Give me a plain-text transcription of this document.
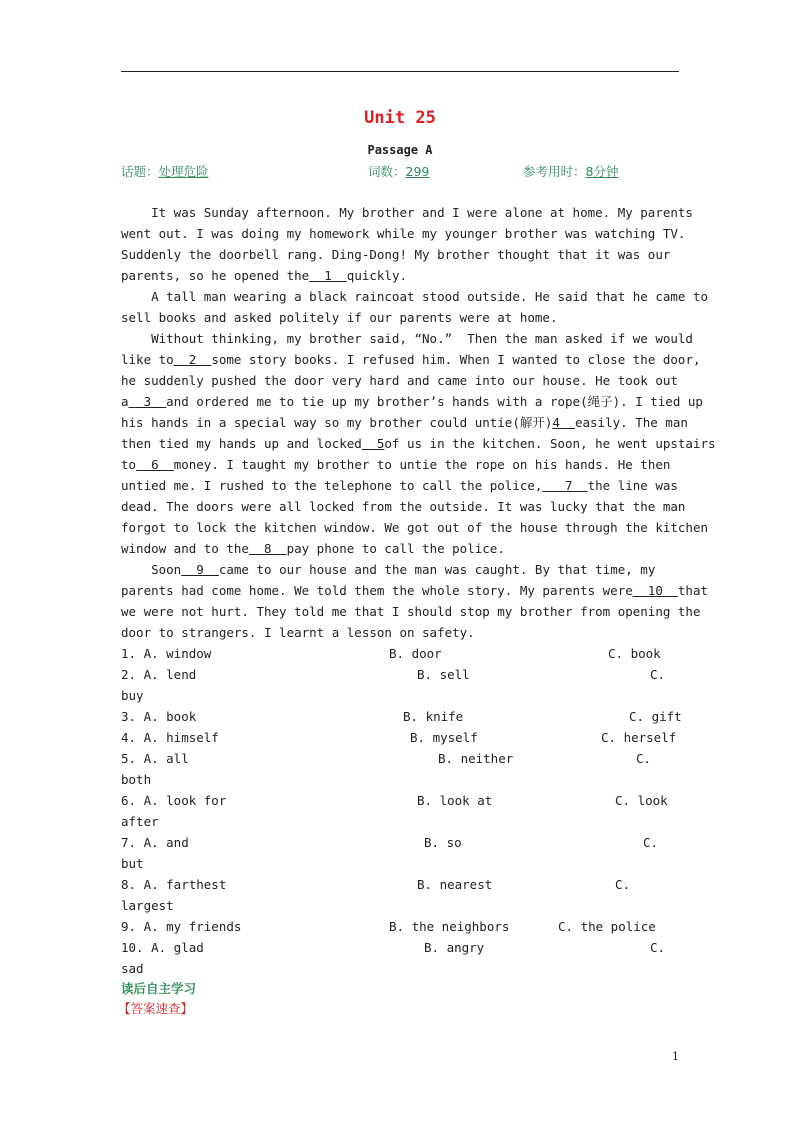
Unit 25
Passage A
话题：处理危险	词数：299	参考用时：8分钟
It was Sunday afternoon. My brother and I were alone at home. My parents
went out. I was doing my homework while my younger brother was watching TV.
Suddenly the doorbell rang. Ding-Dong! My brother thought that it was our
parents, so he opened the  1  quickly.
A tall man wearing a black raincoat stood outside. He said that he came to
sell books and asked politely if our parents were at home.
Without thinking, my brother said, “No.”  Then the man asked if we would
like to  2  some story books. I refused him. When I wanted to close the door,
he suddenly pushed the door very hard and came into our house. He took out
a  3  and ordered me to tie up my brother’s hands with a rope(绳子). I tied up
his hands in a special way so my brother could untie(解开)4  easily. The man
then tied my hands up and locked  5of us in the kitchen. Soon, he went upstairs
to  6  money. I taught my brother to untie the rope on his hands. He then
untied me. I rushed to the telephone to call the police,   7  the line was
dead. The doors were all locked from the outside. It was lucky that the man
forgot to lock the kitchen window. We got out of the house through the kitchen
window and to the  8  pay phone to call the police.
Soon  9  came to our house and the man was caught. By that time, my
parents had come home. We told them the whole story. My parents were  10  that
we were not hurt. They told me that I should stop my brother from opening the
door to strangers. I learnt a lesson on safety.
1. A. window	B. door	C. book
2. A. lend	B. sell	C.
buy
3. A. book	B. knife	C. gift
4. A. himself	B. myself	C. herself
5. A. all	B. neither	C.
both
6. A. look for	B. look at	C. look
after
7. A. and	B. so	C.
but
8. A. farthest	B. nearest	C.
largest
9. A. my friends	B. the neighbors	C. the police
10. A. glad	B. angry	C.
sad
读后自主学习
【答案速查】
1
